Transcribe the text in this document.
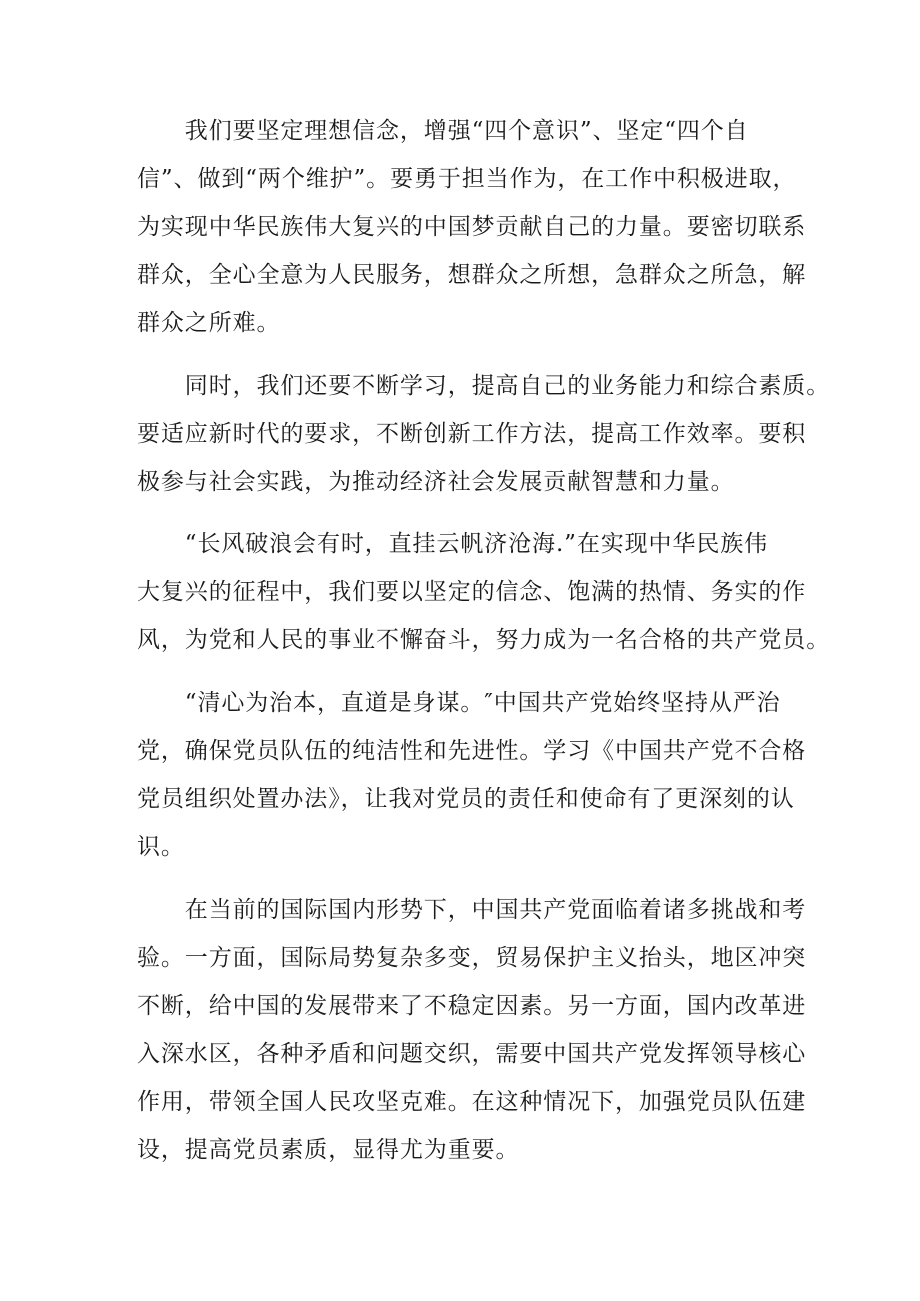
　　我们要坚定理想信念，增强“四个意识”、坚定“四个自
信”、做到“两个维护”。要勇于担当作为，在工作中积极进取，
为实现中华民族伟大复兴的中国梦贡献自己的力量。要密切联系
群众，全心全意为人民服务，想群众之所想，急群众之所急，解
群众之所难。
　　同时，我们还要不断学习，提高自己的业务能力和综合素质。
要适应新时代的要求，不断创新工作方法，提高工作效率。要积
极参与社会实践，为推动经济社会发展贡献智慧和力量。
　　“长风破浪会有时，直挂云帆济沧海.”在实现中华民族伟
大复兴的征程中，我们要以坚定的信念、饱满的热情、务实的作
风，为党和人民的事业不懈奋斗，努力成为一名合格的共产党员。
　　“清心为治本，直道是身谋。″中国共产党始终坚持从严治
党，确保党员队伍的纯洁性和先进性。学习《中国共产党不合格
党员组织处置办法》，让我对党员的责任和使命有了更深刻的认
识。
　　在当前的国际国内形势下，中国共产党面临着诸多挑战和考
验。一方面，国际局势复杂多变，贸易保护主义抬头，地区冲突
不断，给中国的发展带来了不稳定因素。另一方面，国内改革进
入深水区，各种矛盾和问题交织，需要中国共产党发挥领导核心
作用，带领全国人民攻坚克难。在这种情况下，加强党员队伍建
设，提高党员素质，显得尤为重要。
